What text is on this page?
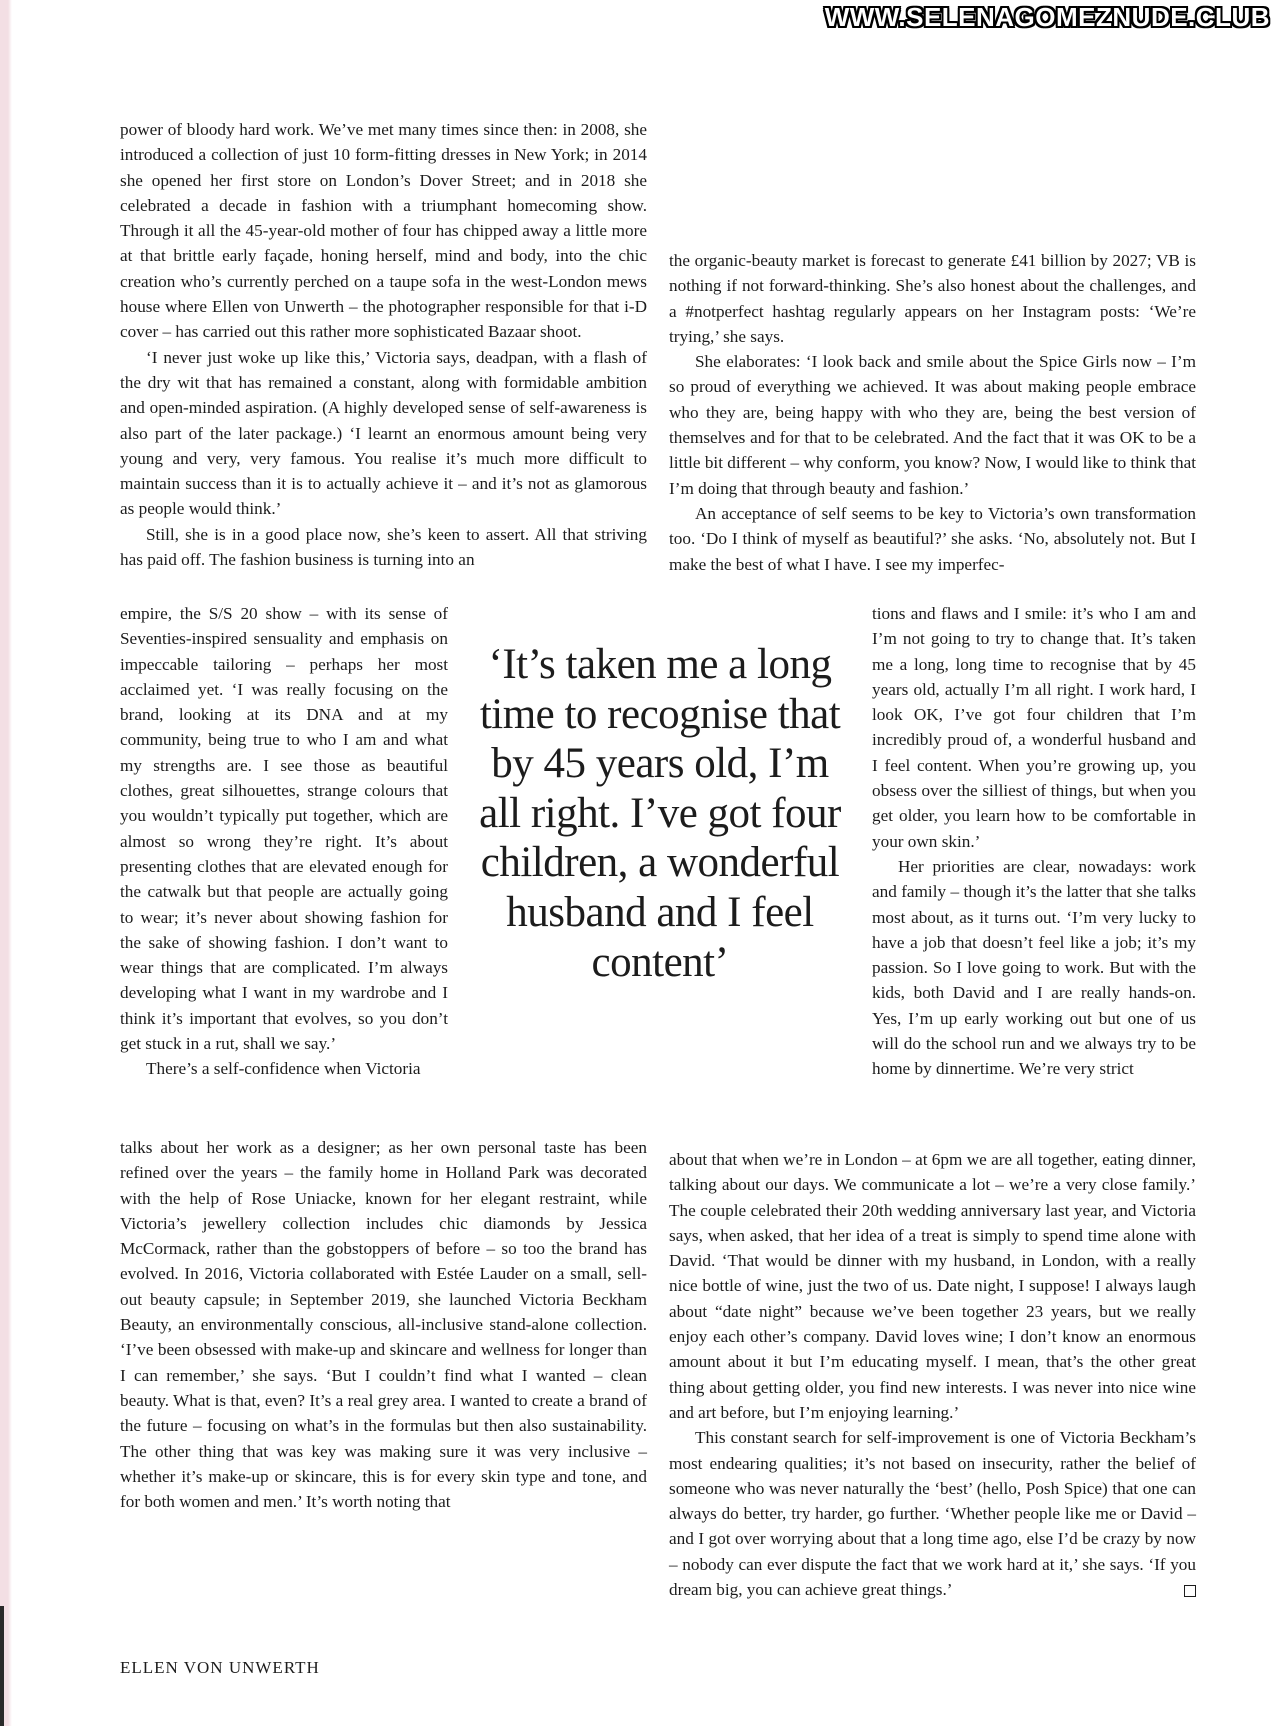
WWW.SELENAGOMEZNUDE.CLUB

power of bloody hard work. We’ve met many times since then: in 2008, she introduced a collection of just 10 form-fitting dresses in New York; in 2014 she opened her first store on London’s Dover Street; and in 2018 she celebrated a decade in fashion with a triumphant homecoming show. Through it all the 45-year-old mother of four has chipped away a little more at that brittle early façade, honing herself, mind and body, into the chic creation who’s currently perched on a taupe sofa in the west-London mews house where Ellen von Unwerth – the photographer responsible for that i-D cover – has carried out this rather more sophisticated Bazaar shoot.

‘I never just woke up like this,’ Victoria says, deadpan, with a flash of the dry wit that has remained a constant, along with formidable ambition and open-minded aspiration. (A highly developed sense of self-awareness is also part of the later package.) ‘I learnt an enormous amount being very young and very, very famous. You realise it’s much more difficult to maintain success than it is to actually achieve it – and it’s not as glamorous as people would think.’

Still, she is in a good place now, she’s keen to assert. All that striving has paid off. The fashion business is turning into an

empire, the S/S 20 show – with its sense of Seventies-inspired sensuality and emphasis on impeccable tailoring – perhaps her most acclaimed yet. ‘I was really focusing on the brand, looking at its DNA and at my community, being true to who I am and what my strengths are. I see those as beautiful clothes, great silhouettes, strange colours that you wouldn’t typically put together, which are almost so wrong they’re right. It’s about presenting clothes that are elevated enough for the catwalk but that people are actually going to wear; it’s never about showing fashion for the sake of showing fashion. I don’t want to wear things that are complicated. I’m always developing what I want in my wardrobe and I think it’s important that evolves, so you don’t get stuck in a rut, shall we say.’

There’s a self-confidence when Victoria

talks about her work as a designer; as her own personal taste has been refined over the years – the family home in Holland Park was decorated with the help of Rose Uniacke, known for her elegant restraint, while Victoria’s jewellery collection includes chic diamonds by Jessica McCormack, rather than the gobstoppers of before – so too the brand has evolved. In 2016, Victoria collaborated with Estée Lauder on a small, sell-out beauty capsule; in September 2019, she launched Victoria Beckham Beauty, an environmentally conscious, all-inclusive stand-alone collection. ‘I’ve been obsessed with make-up and skincare and wellness for longer than I can remember,’ she says. ‘But I couldn’t find what I wanted – clean beauty. What is that, even? It’s a real grey area. I wanted to create a brand of the future – focusing on what’s in the formulas but then also sustainability. The other thing that was key was making sure it was very inclusive – whether it’s make-up or skincare, this is for every skin type and tone, and for both women and men.’ It’s worth noting that

‘It’s taken me a long time to recognise that by 45 years old, I’m all right. I’ve got four children, a wonderful husband and I feel content’

the organic-beauty market is forecast to generate £41 billion by 2027; VB is nothing if not forward-thinking. She’s also honest about the challenges, and a #notperfect hashtag regularly appears on her Instagram posts: ‘We’re trying,’ she says.

She elaborates: ‘I look back and smile about the Spice Girls now – I’m so proud of everything we achieved. It was about making people embrace who they are, being happy with who they are, being the best version of themselves and for that to be celebrated. And the fact that it was OK to be a little bit different – why conform, you know? Now, I would like to think that I’m doing that through beauty and fashion.’

An acceptance of self seems to be key to Victoria’s own transformation too. ‘Do I think of myself as beautiful?’ she asks. ‘No, absolutely not. But I make the best of what I have. I see my imperfec-

tions and flaws and I smile: it’s who I am and I’m not going to try to change that. It’s taken me a long, long time to recognise that by 45 years old, actually I’m all right. I work hard, I look OK, I’ve got four children that I’m incredibly proud of, a wonderful husband and I feel content. When you’re growing up, you obsess over the silliest of things, but when you get older, you learn how to be comfortable in your own skin.’

Her priorities are clear, nowadays: work and family – though it’s the latter that she talks most about, as it turns out. ‘I’m very lucky to have a job that doesn’t feel like a job; it’s my passion. So I love going to work. But with the kids, both David and I are really hands-on. Yes, I’m up early working out but one of us will do the school run and we always try to be home by dinnertime. We’re very strict

about that when we’re in London – at 6pm we are all together, eating dinner, talking about our days. We communicate a lot – we’re a very close family.’ The couple celebrated their 20th wedding anniversary last year, and Victoria says, when asked, that her idea of a treat is simply to spend time alone with David. ‘That would be dinner with my husband, in London, with a really nice bottle of wine, just the two of us. Date night, I suppose! I always laugh about “date night” because we’ve been together 23 years, but we really enjoy each other’s company. David loves wine; I don’t know an enormous amount about it but I’m educating myself. I mean, that’s the other great thing about getting older, you find new interests. I was never into nice wine and art before, but I’m enjoying learning.’

This constant search for self-improvement is one of Victoria Beckham’s most endearing qualities; it’s not based on insecurity, rather the belief of someone who was never naturally the ‘best’ (hello, Posh Spice) that one can always do better, try harder, go further. ‘Whether people like me or David – and I got over worrying about that a long time ago, else I’d be crazy by now – nobody can ever dispute the fact that we work hard at it,’ she says. ‘If you dream big, you can achieve great things.’

ELLEN VON UNWERTH
